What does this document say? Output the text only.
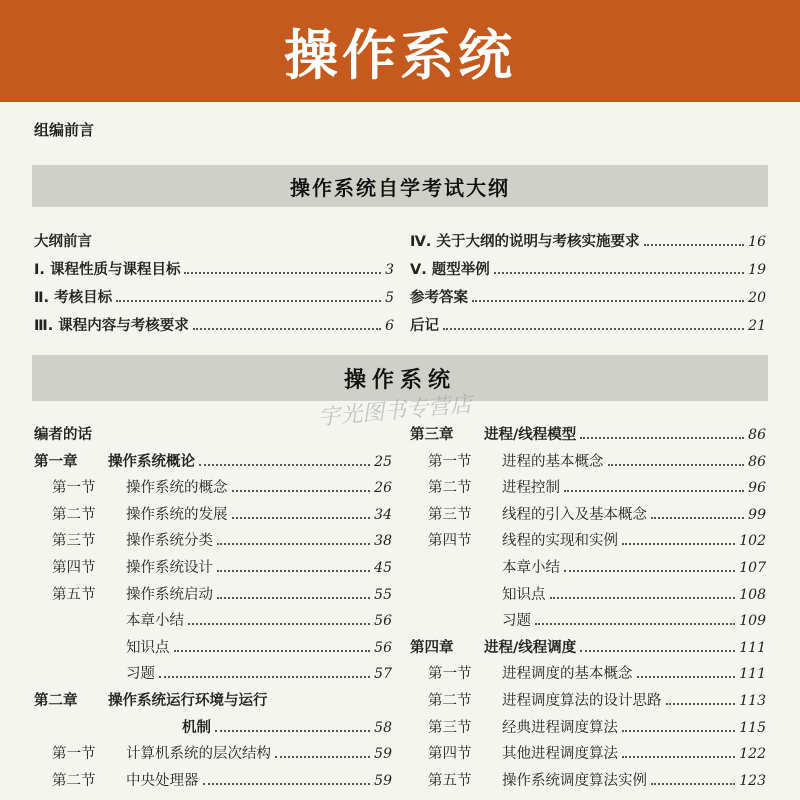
操作系统
组编前言
操作系统自学考试大纲
大纲前言
Ⅰ. 课程性质与课程目标	3
Ⅱ. 考核目标	5
Ⅲ. 课程内容与考核要求	6
Ⅳ. 关于大纲的说明与考核实施要求	16
Ⅴ. 题型举例	19
参考答案	20
后记	21
操作系统
宇光图书专营店
编者的话
第一章	操作系统概论	25
第一节	操作系统的概念	26
第二节	操作系统的发展	34
第三节	操作系统分类	38
第四节	操作系统设计	45
第五节	操作系统启动	55
本章小结	56
知识点	56
习题	57
第二章	操作系统运行环境与运行
机制	58
第一节	计算机系统的层次结构	59
第二节	中央处理器	59
第三章	进程/线程模型	86
第一节	进程的基本概念	86
第二节	进程控制	96
第三节	线程的引入及基本概念	99
第四节	线程的实现和实例	102
本章小结	107
知识点	108
习题	109
第四章	进程/线程调度	111
第一节	进程调度的基本概念	111
第二节	进程调度算法的设计思路	113
第三节	经典进程调度算法	115
第四节	其他进程调度算法	122
第五节	操作系统调度算法实例	123
